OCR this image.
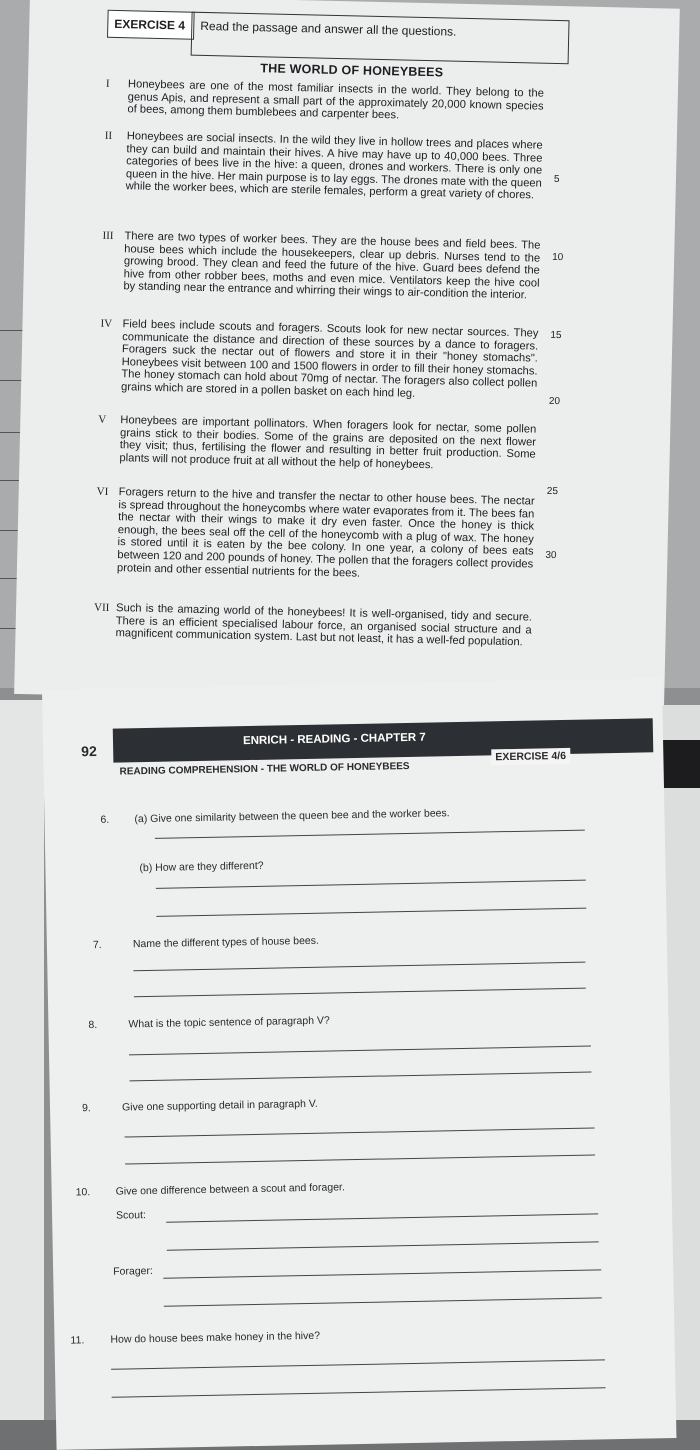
EXERCISE 4	Read the passage and answer all the questions.
THE WORLD OF HONEYBEES
I	Honeybees are one of the most familiar insects in the world. They belong to the genus Apis, and represent a small part of the approximately 20,000 known species of bees, among them bumblebees and carpenter bees.
II	Honeybees are social insects. In the wild they live in hollow trees and places where they can build and maintain their hives. A hive may have up to 40,000 bees. Three categories of bees live in the hive: a queen, drones and workers. There is only one queen in the hive. Her main purpose is to lay eggs. The drones mate with the queen while the worker bees, which are sterile females, perform a great variety of chores.
III There are two types of worker bees. They are the house bees and field bees. The house bees which include the housekeepers, clear up debris. Nurses tend to the growing brood. They clean and feed the future of the hive. Guard bees defend the hive from other robber bees, moths and even mice. Ventilators keep the hive cool by standing near the entrance and whirring their wings to air-condition the interior.
IV Field bees include scouts and foragers. Scouts look for new nectar sources. They communicate the distance and direction of these sources by a dance to foragers. Foragers suck the nectar out of flowers and store it in their "honey stomachs". Honeybees visit between 100 and 1500 flowers in order to fill their honey stomachs. The honey stomach can hold about 70mg of nectar. The foragers also collect pollen grains which are stored in a pollen basket on each hind leg.
V	Honeybees are important pollinators. When foragers look for nectar, some pollen grains stick to their bodies. Some of the grains are deposited on the next flower they visit; thus, fertilising the flower and resulting in better fruit production. Some plants will not produce fruit at all without the help of honeybees.
VI Foragers return to the hive and transfer the nectar to other house bees. The nectar is spread throughout the honeycombs where water evaporates from it. The bees fan the nectar with their wings to make it dry even faster. Once the honey is thick enough, the bees seal off the cell of the honeycomb with a plug of wax. The honey is stored until it is eaten by the bee colony. In one year, a colony of bees eats between 120 and 200 pounds of honey. The pollen that the foragers collect provides protein and other essential nutrients for the bees.
VII Such is the amazing world of the honeybees! It is well-organised, tidy and secure. There is an efficient specialised labour force, an organised social structure and a magnificent communication system. Last but not least, it has a well-fed population.
5
10
15
20
25
30
92
ENRICH - READING - CHAPTER 7
READING COMPREHENSION - THE WORLD OF HONEYBEES
EXERCISE 4/6
6. (a) Give one similarity between the queen bee and the worker bees.
(b) How are they different?
7.	Name the different types of house bees.
8.	What is the topic sentence of paragraph V?
9.	Give one supporting detail in paragraph V.
10. Give one difference between a scout and forager.
Scout:
Forager:
11. How do house bees make honey in the hive?
